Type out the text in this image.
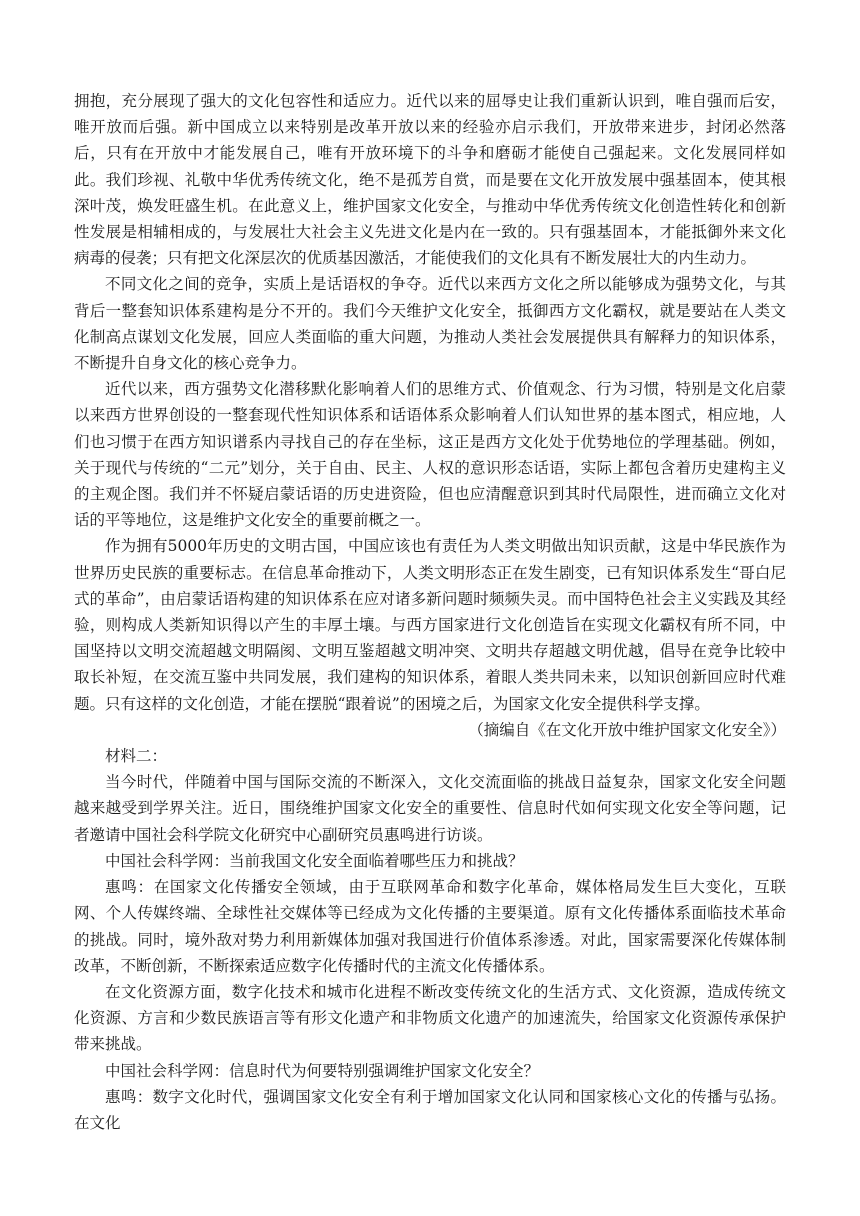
拥抱，充分展现了强大的文化包容性和适应力。近代以来的屈辱史让我们重新认识到，唯自强而后安，唯开放而后强。新中国成立以来特别是改革开放以来的经验亦启示我们，开放带来进步，封闭必然落后，只有在开放中才能发展自己，唯有开放环境下的斗争和磨砺才能使自己强起来。文化发展同样如此。我们珍视、礼敬中华优秀传统文化，绝不是孤芳自赏，而是要在文化开放发展中强基固本，使其根深叶茂，焕发旺盛生机。在此意义上，维护国家文化安全，与推动中华优秀传统文化创造性转化和创新性发展是相辅相成的，与发展壮大社会主义先进文化是内在一致的。只有强基固本，才能抵御外来文化病毒的侵袭；只有把文化深层次的优质基因激活，才能使我们的文化具有不断发展壮大的内生动力。

不同文化之间的竞争，实质上是话语权的争夺。近代以来西方文化之所以能够成为强势文化，与其背后一整套知识体系建构是分不开的。我们今天维护文化安全，抵御西方文化霸权，就是要站在人类文化制高点谋划文化发展，回应人类面临的重大问题，为推动人类社会发展提供具有解释力的知识体系，不断提升自身文化的核心竞争力。

近代以来，西方强势文化潜移默化影响着人们的思维方式、价值观念、行为习惯，特别是文化启蒙以来西方世界创设的一整套现代性知识体系和话语体系众影响着人们认知世界的基本图式，相应地，人们也习惯于在西方知识谱系内寻找自己的存在坐标，这正是西方文化处于优势地位的学理基础。例如，关于现代与传统的“二元”划分，关于自由、民主、人权的意识形态话语，实际上都包含着历史建构主义的主观企图。我们并不怀疑启蒙话语的历史进资险，但也应清醒意识到其时代局限性，进而确立文化对话的平等地位，这是维护文化安全的重要前概之一。

作为拥有5000年历史的文明古国，中国应该也有责任为人类文明做出知识贡献，这是中华民族作为世界历史民族的重要标志。在信息革命推动下，人类文明形态正在发生剧变，已有知识体系发生“哥白尼式的革命”，由启蒙话语构建的知识体系在应对诸多新问题时频频失灵。而中国特色社会主义实践及其经验，则构成人类新知识得以产生的丰厚土壤。与西方国家进行文化创造旨在实现文化霸权有所不同，中国坚持以文明交流超越文明隔阂、文明互鉴超越文明冲突、文明共存超越文明优越，倡导在竞争比较中取长补短，在交流互鉴中共同发展，我们建构的知识体系，着眼人类共同未来，以知识创新回应时代难题。只有这样的文化创造，才能在摆脱“跟着说”的困境之后，为国家文化安全提供科学支撑。

（摘编自《在文化开放中维护国家文化安全》）

材料二：

当今时代，伴随着中国与国际交流的不断深入，文化交流面临的挑战日益复杂，国家文化安全问题越来越受到学界关注。近日，围绕维护国家文化安全的重要性、信息时代如何实现文化安全等问题，记者邀请中国社会科学院文化研究中心副研究员惠鸣进行访谈。

中国社会科学网：当前我国文化安全面临着哪些压力和挑战？

惠鸣：在国家文化传播安全领域，由于互联网革命和数字化革命，媒体格局发生巨大变化，互联网、个人传媒终端、全球性社交媒体等已经成为文化传播的主要渠道。原有文化传播体系面临技术革命的挑战。同时，境外敌对势力利用新媒体加强对我国进行价值体系渗透。对此，国家需要深化传媒体制改革，不断创新，不断探索适应数字化传播时代的主流文化传播体系。

在文化资源方面，数字化技术和城市化进程不断改变传统文化的生活方式、文化资源，造成传统文化资源、方言和少数民族语言等有形文化遗产和非物质文化遗产的加速流失，给国家文化资源传承保护带来挑战。

中国社会科学网：信息时代为何要特别强调维护国家文化安全？

惠鸣：数字文化时代，强调国家文化安全有利于增加国家文化认同和国家核心文化的传播与弘扬。在文化
